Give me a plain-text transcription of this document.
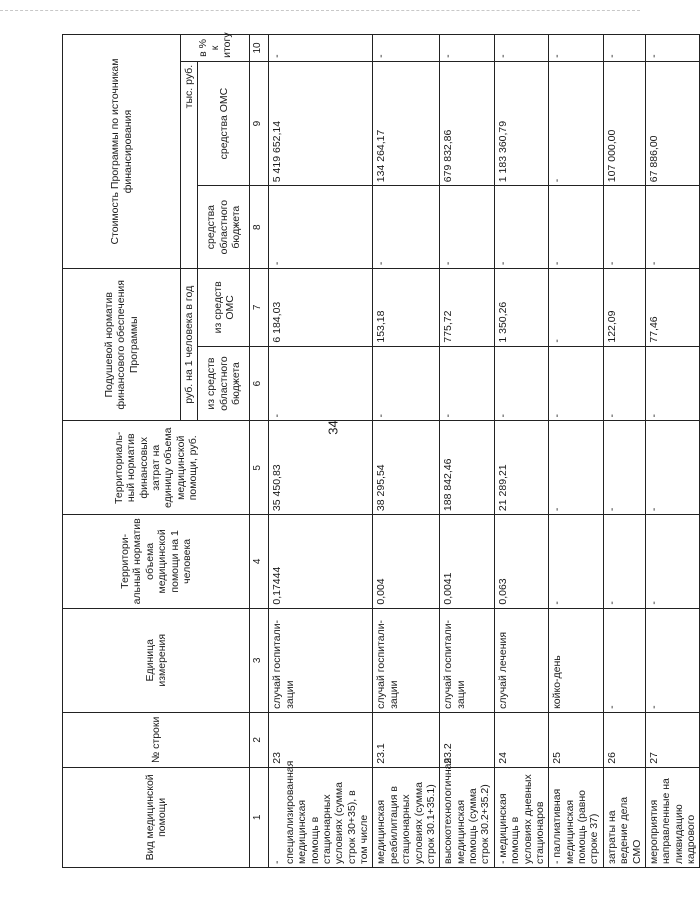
34
Вид медицинской помощи	№ строки	Единица измерения	Территори-альный норматив объема медицинской помощи на 1 человека	Территориаль-ный норматив финансовых затрат на единицу объема медицинской помощи, руб.	Подушевой норматив финансового обеспечения Программы		Стоимость Программы по источникам финансирования		
					руб. на 1 человека в год			тыс. руб.	в % к итогу
					из средств областного бюджета	из средств ОМС	средства областного бюджета	средства ОМС	
1	2	3	4	5	6	7	8	9	10
- специализированная медицинская помощь в стационарных условиях (сумма строк 30+35), в том числе	23	случай госпитали-зации	0,17444	35 450,83	-	6 184,03	-	5 419 652,14	-
медицинская реабилитация в стационарных условиях (сумма строк 30.1+35.1)	23.1	случай госпитали-зации	0,004	38 295,54	-	153,18	-	134 264,17	-
высокотехнологичная медицинская помощь (сумма строк 30.2+35.2)	23.2	случай госпитали-зации	0,0041	188 842,46	-	775,72	-	679 832,86	-
- медицинская помощь в условиях дневных стационаров	24	случай лечения	0,063	21 289,21	-	1 350,26	-	1 183 360,79	-
- паллиативная медицинская помощь (равно строке 37)	25	койко-день	-	-	-	-	-	-	-
затраты на ведение дела СМО	26	-	-	-	-	122,09	-	107 000,00	-
мероприятия направленные на ликвидацию кадрового	27	-	-	-	-	77,46	-	67 886,00	-
